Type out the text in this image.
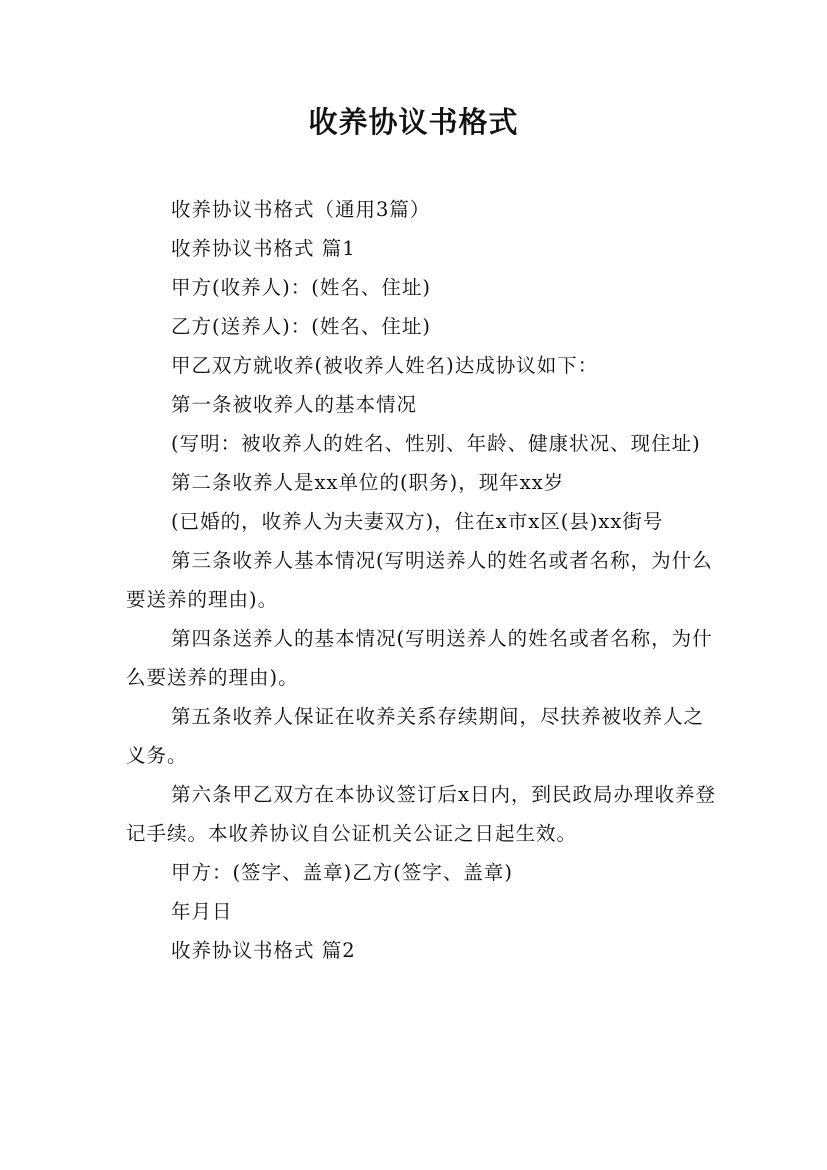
收养协议书格式

收养协议书格式（通用3篇）

收养协议书格式 篇1

甲方(收养人)：(姓名、住址)

乙方(送养人)：(姓名、住址)

甲乙双方就收养(被收养人姓名)达成协议如下：

第一条被收养人的基本情况

(写明：被收养人的姓名、性别、年龄、健康状况、现住址)

第二条收养人是xx单位的(职务)，现年xx岁

(已婚的，收养人为夫妻双方)，住在x市x区(县)xx街号

第三条收养人基本情况(写明送养人的姓名或者名称，为什么要送养的理由)。

第四条送养人的基本情况(写明送养人的姓名或者名称，为什么要送养的理由)。

第五条收养人保证在收养关系存续期间，尽扶养被收养人之义务。

第六条甲乙双方在本协议签订后x日内，到民政局办理收养登记手续。本收养协议自公证机关公证之日起生效。

甲方：(签字、盖章)乙方(签字、盖章)

年月日

收养协议书格式 篇2
